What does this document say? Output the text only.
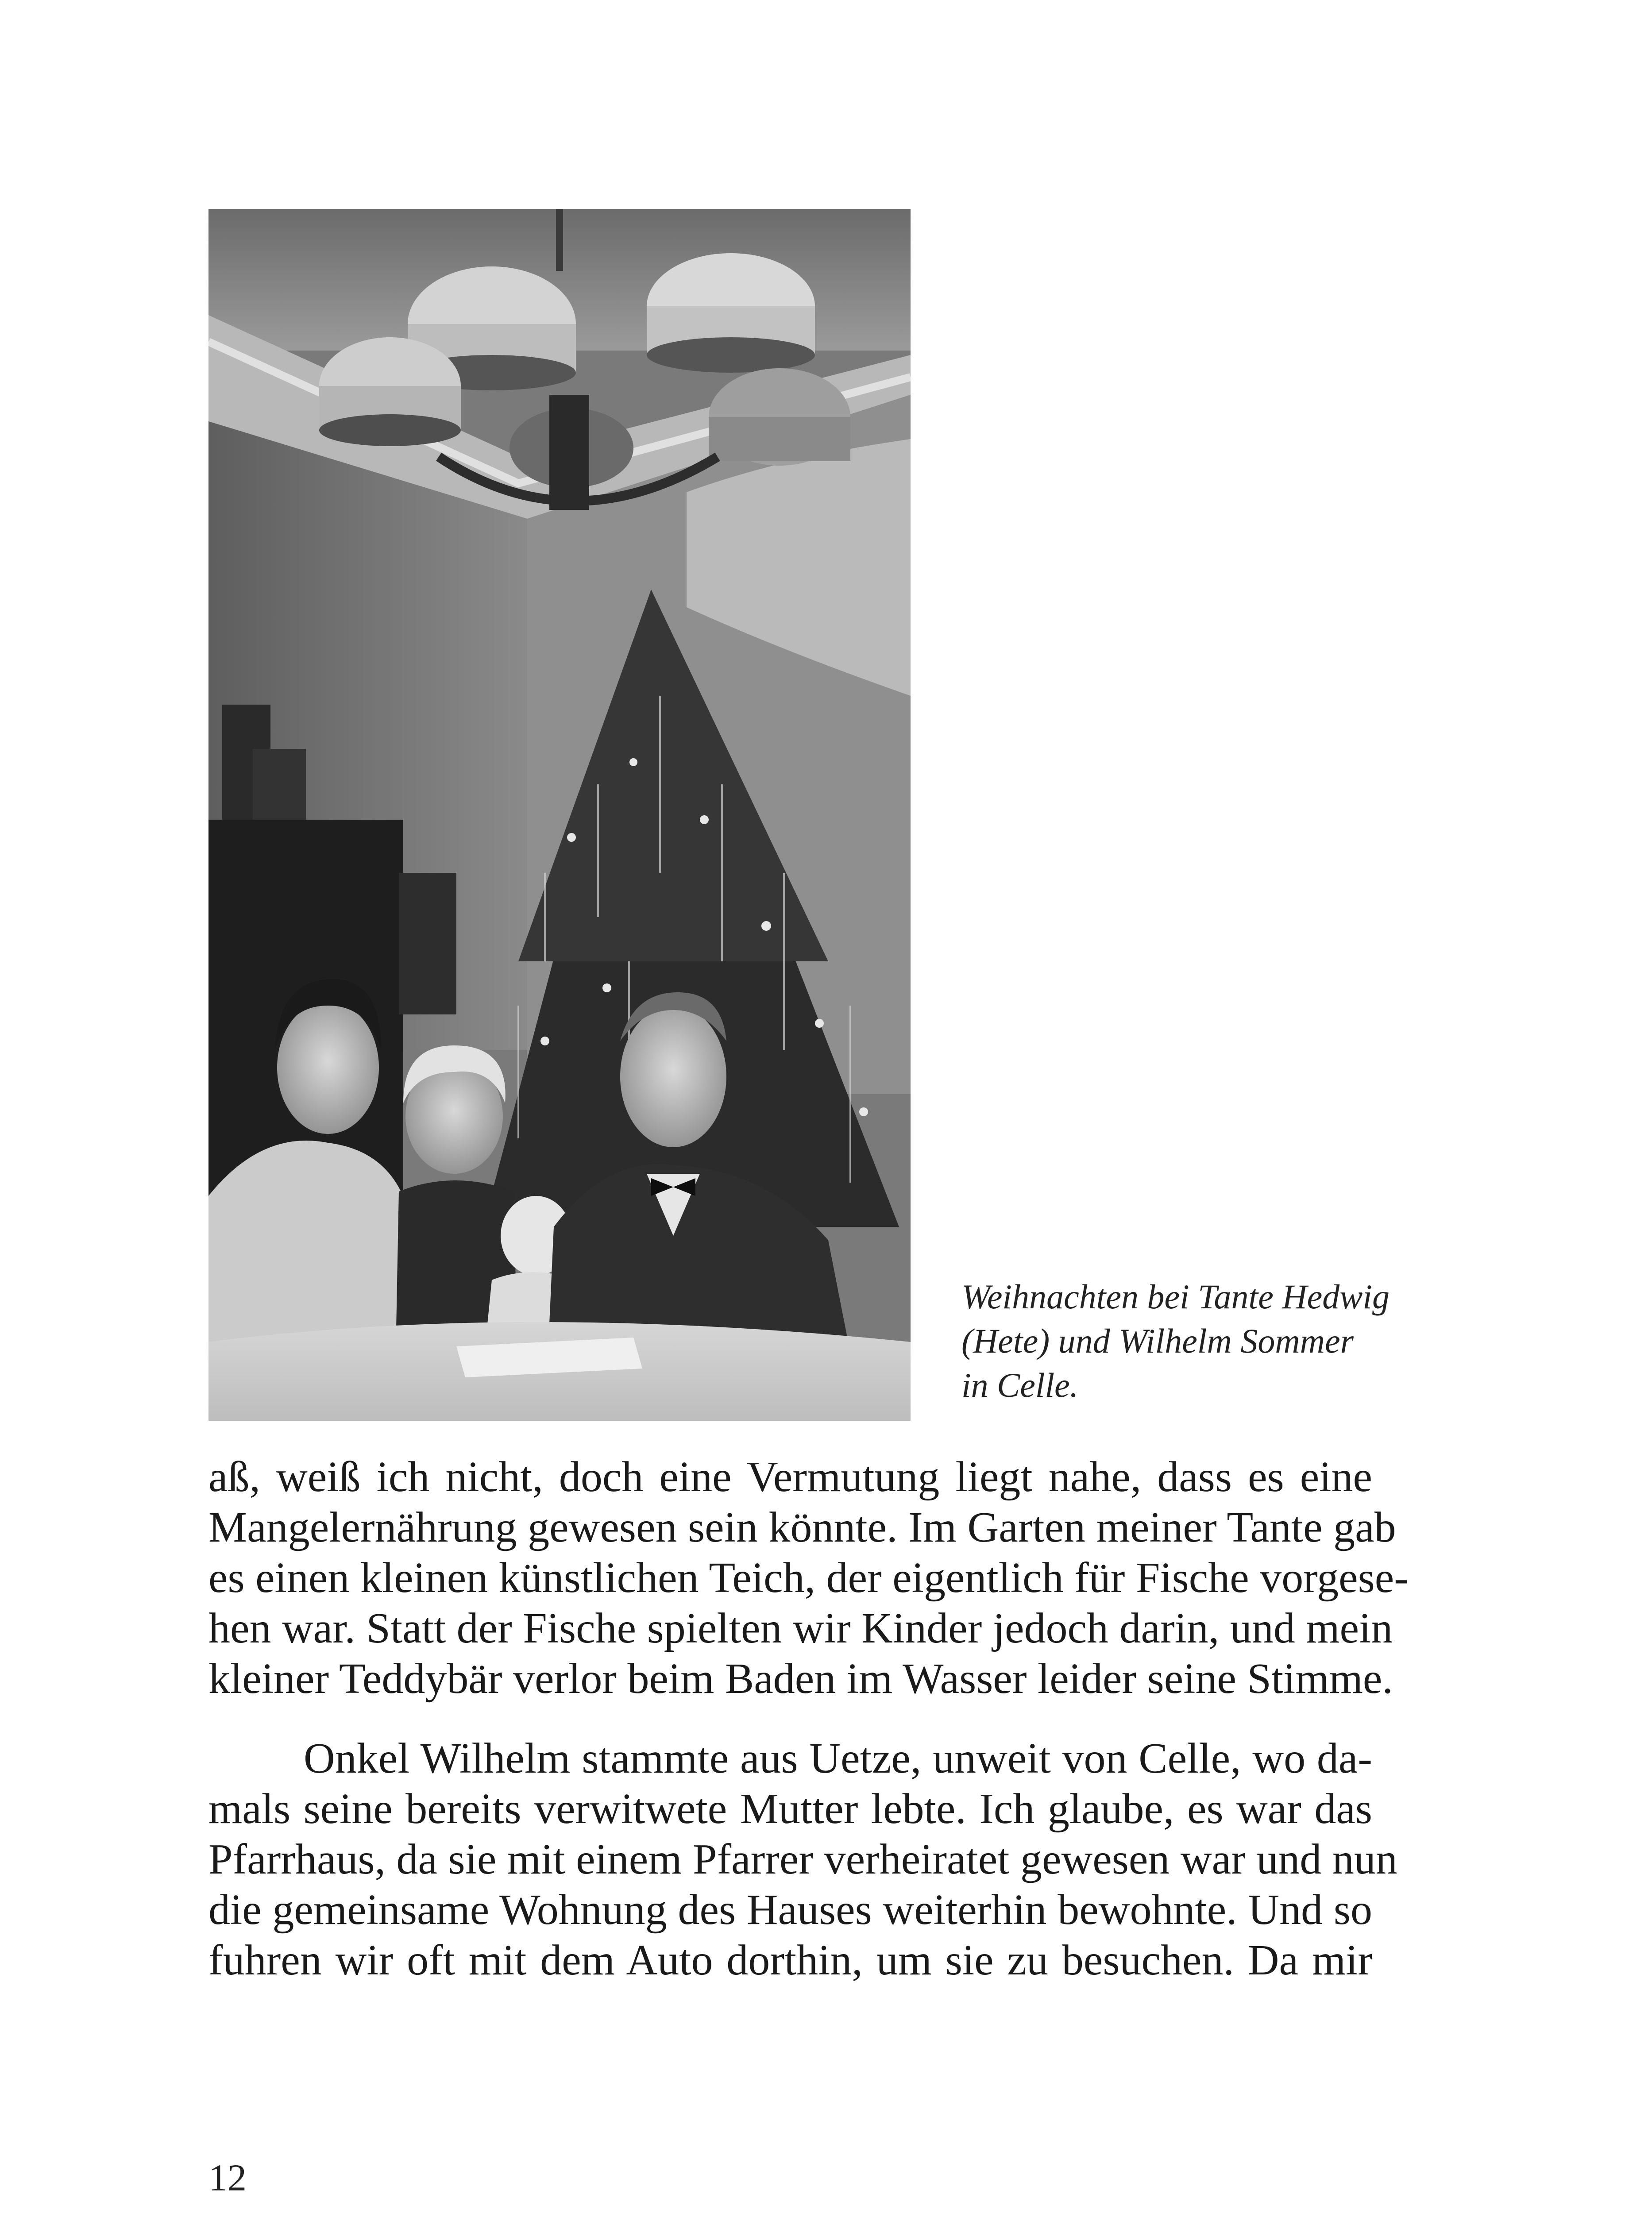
Weihnachten bei Tante Hedwig
(Hete) und Wilhelm Sommer
in Celle.

aß, weiß ich nicht, doch eine Vermutung liegt nahe, dass es eine
Mangelernährung gewesen sein könnte. Im Garten meiner Tante gab
es einen kleinen künstlichen Teich, der eigentlich für Fische vorgese-
hen war. Statt der Fische spielten wir Kinder jedoch darin, und mein
kleiner Teddybär verlor beim Baden im Wasser leider seine Stimme.

Onkel Wilhelm stammte aus Uetze, unweit von Celle, wo da-
mals seine bereits verwitwete Mutter lebte. Ich glaube, es war das
Pfarrhaus, da sie mit einem Pfarrer verheiratet gewesen war und nun
die gemeinsame Wohnung des Hauses weiterhin bewohnte. Und so
fuhren wir oft mit dem Auto dorthin, um sie zu besuchen. Da mir

12
